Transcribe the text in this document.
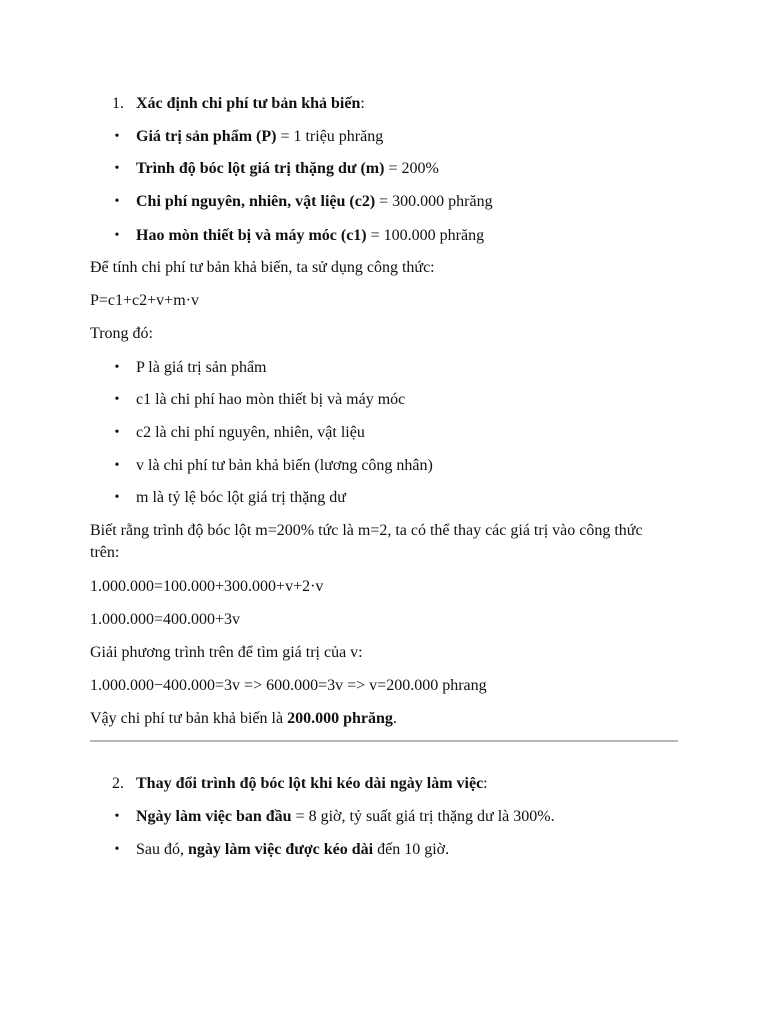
1. Xác định chi phí tư bản khả biến:
• Giá trị sản phẩm (P) = 1 triệu phrăng
• Trình độ bóc lột giá trị thặng dư (m) = 200%
• Chi phí nguyên, nhiên, vật liệu (c2) = 300.000 phrăng
• Hao mòn thiết bị và máy móc (c1) = 100.000 phrăng
Để tính chi phí tư bản khả biến, ta sử dụng công thức:
P=c1+c2+v+m·v
Trong đó:
• P là giá trị sản phẩm
• c1 là chi phí hao mòn thiết bị và máy móc
• c2 là chi phí nguyên, nhiên, vật liệu
• v là chi phí tư bản khả biến (lương công nhân)
• m là tỷ lệ bóc lột giá trị thặng dư
Biết rằng trình độ bóc lột m=200% tức là m=2, ta có thể thay các giá trị vào công thức trên:
1.000.000=100.000+300.000+v+2·v
1.000.000=400.000+3v
Giải phương trình trên để tìm giá trị của v:
1.000.000−400.000=3v => 600.000=3v => v=200.000 phrang
Vậy chi phí tư bản khả biến là 200.000 phrăng.
2. Thay đổi trình độ bóc lột khi kéo dài ngày làm việc:
• Ngày làm việc ban đầu = 8 giờ, tỷ suất giá trị thặng dư là 300%.
• Sau đó, ngày làm việc được kéo dài đến 10 giờ.
